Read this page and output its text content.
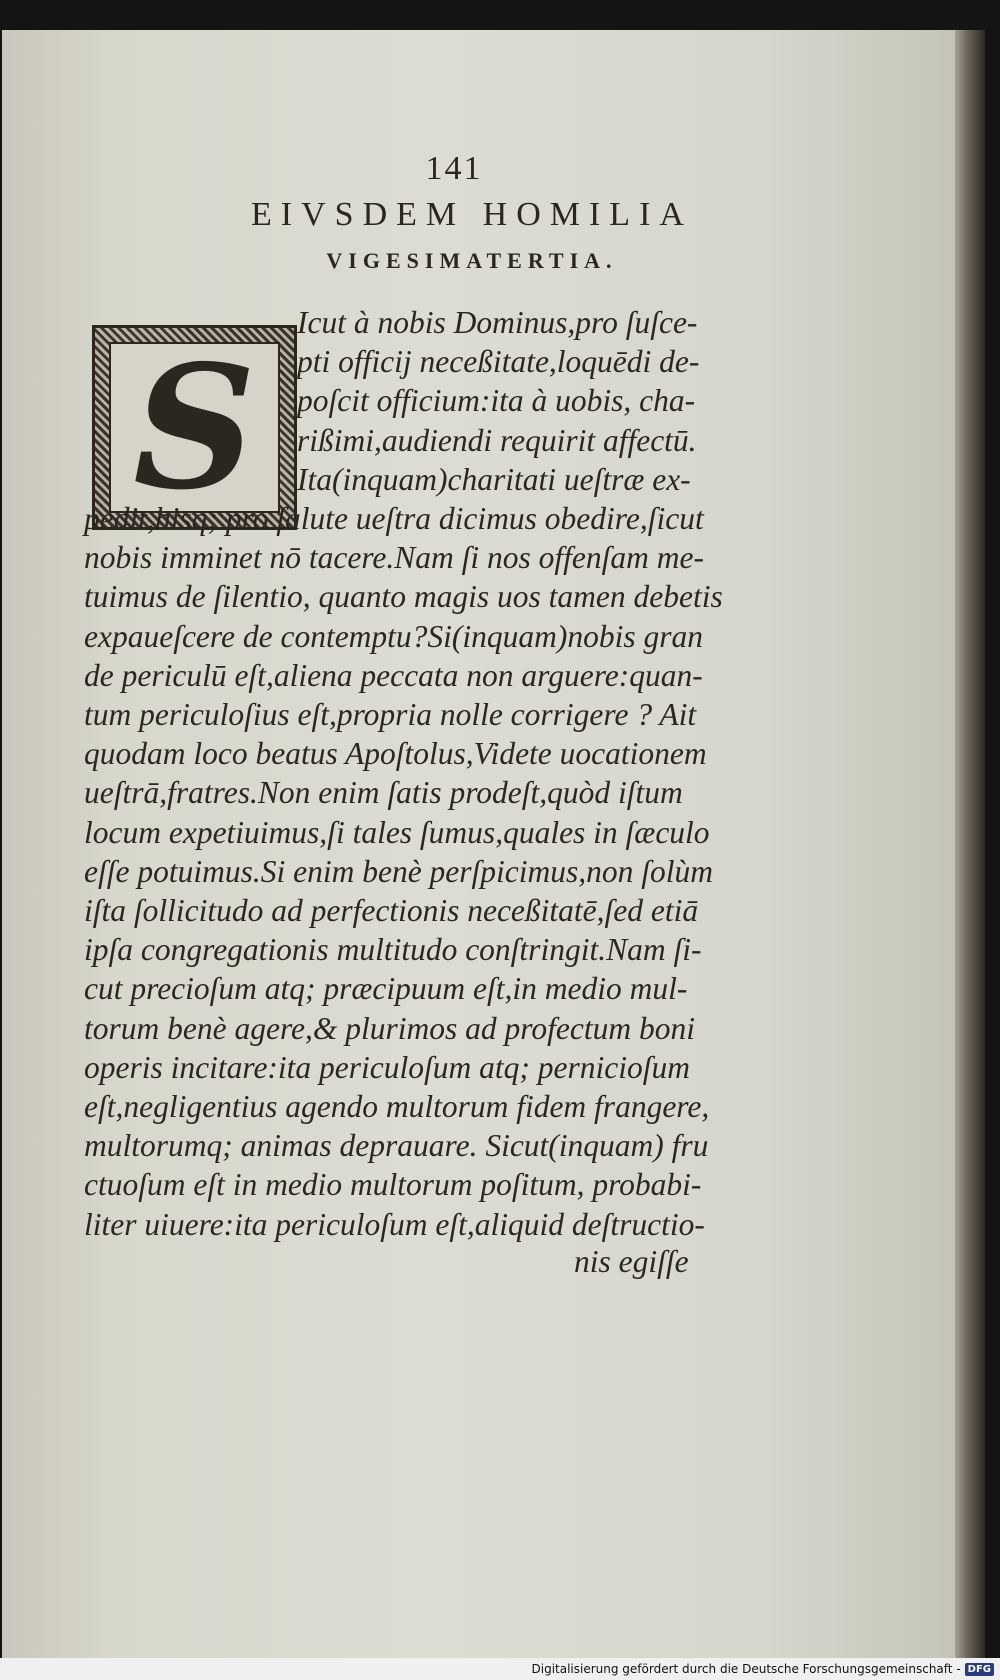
141
EIVSDEM HOMILIA
VIGESIMATERTIA.
S
Icut à nobis Dominus,pro ſuſce-
pti officij neceßitate,loquēdi de-
poſcit officium:ita à uobis, cha-
rißimi,audiendi requirit affectū.
Ita(inquam)charitati ueſtræ ex-
pedit,hisq; pro ſalute ueſtra dicimus obedire,ſicut
nobis imminet nō tacere.Nam ſi nos offenſam me-
tuimus de ſilentio, quanto magis uos tamen debetis
expaueſcere de contemptu?Si(inquam)nobis gran
de periculū eſt,aliena peccata non arguere:quan-
tum periculoſius eſt,propria nolle corrigere ? Ait
quodam loco beatus Apoſtolus,Videte uocationem
ueſtrā,fratres.Non enim ſatis prodeſt,quòd iſtum
locum expetiuimus,ſi tales ſumus,quales in ſæculo
eſſe potuimus.Si enim benè perſpicimus,non ſolùm
iſta ſollicitudo ad perfectionis neceßitatē,ſed etiā
ipſa congregationis multitudo conſtringit.Nam ſi-
cut precioſum atq; præcipuum eſt,in medio mul-
torum benè agere,& plurimos ad profectum boni
operis incitare:ita periculoſum atq; pernicioſum
eſt,negligentius agendo multorum fidem frangere,
multorumq; animas deprauare. Sicut(inquam) fru
ctuoſum eſt in medio multorum poſitum, probabi-
liter uiuere:ita periculoſum eſt,aliquid deſtructio-
nis egiſſe
Digitalisierung gefördert durch die Deutsche Forschungsgemeinschaft - DFG
